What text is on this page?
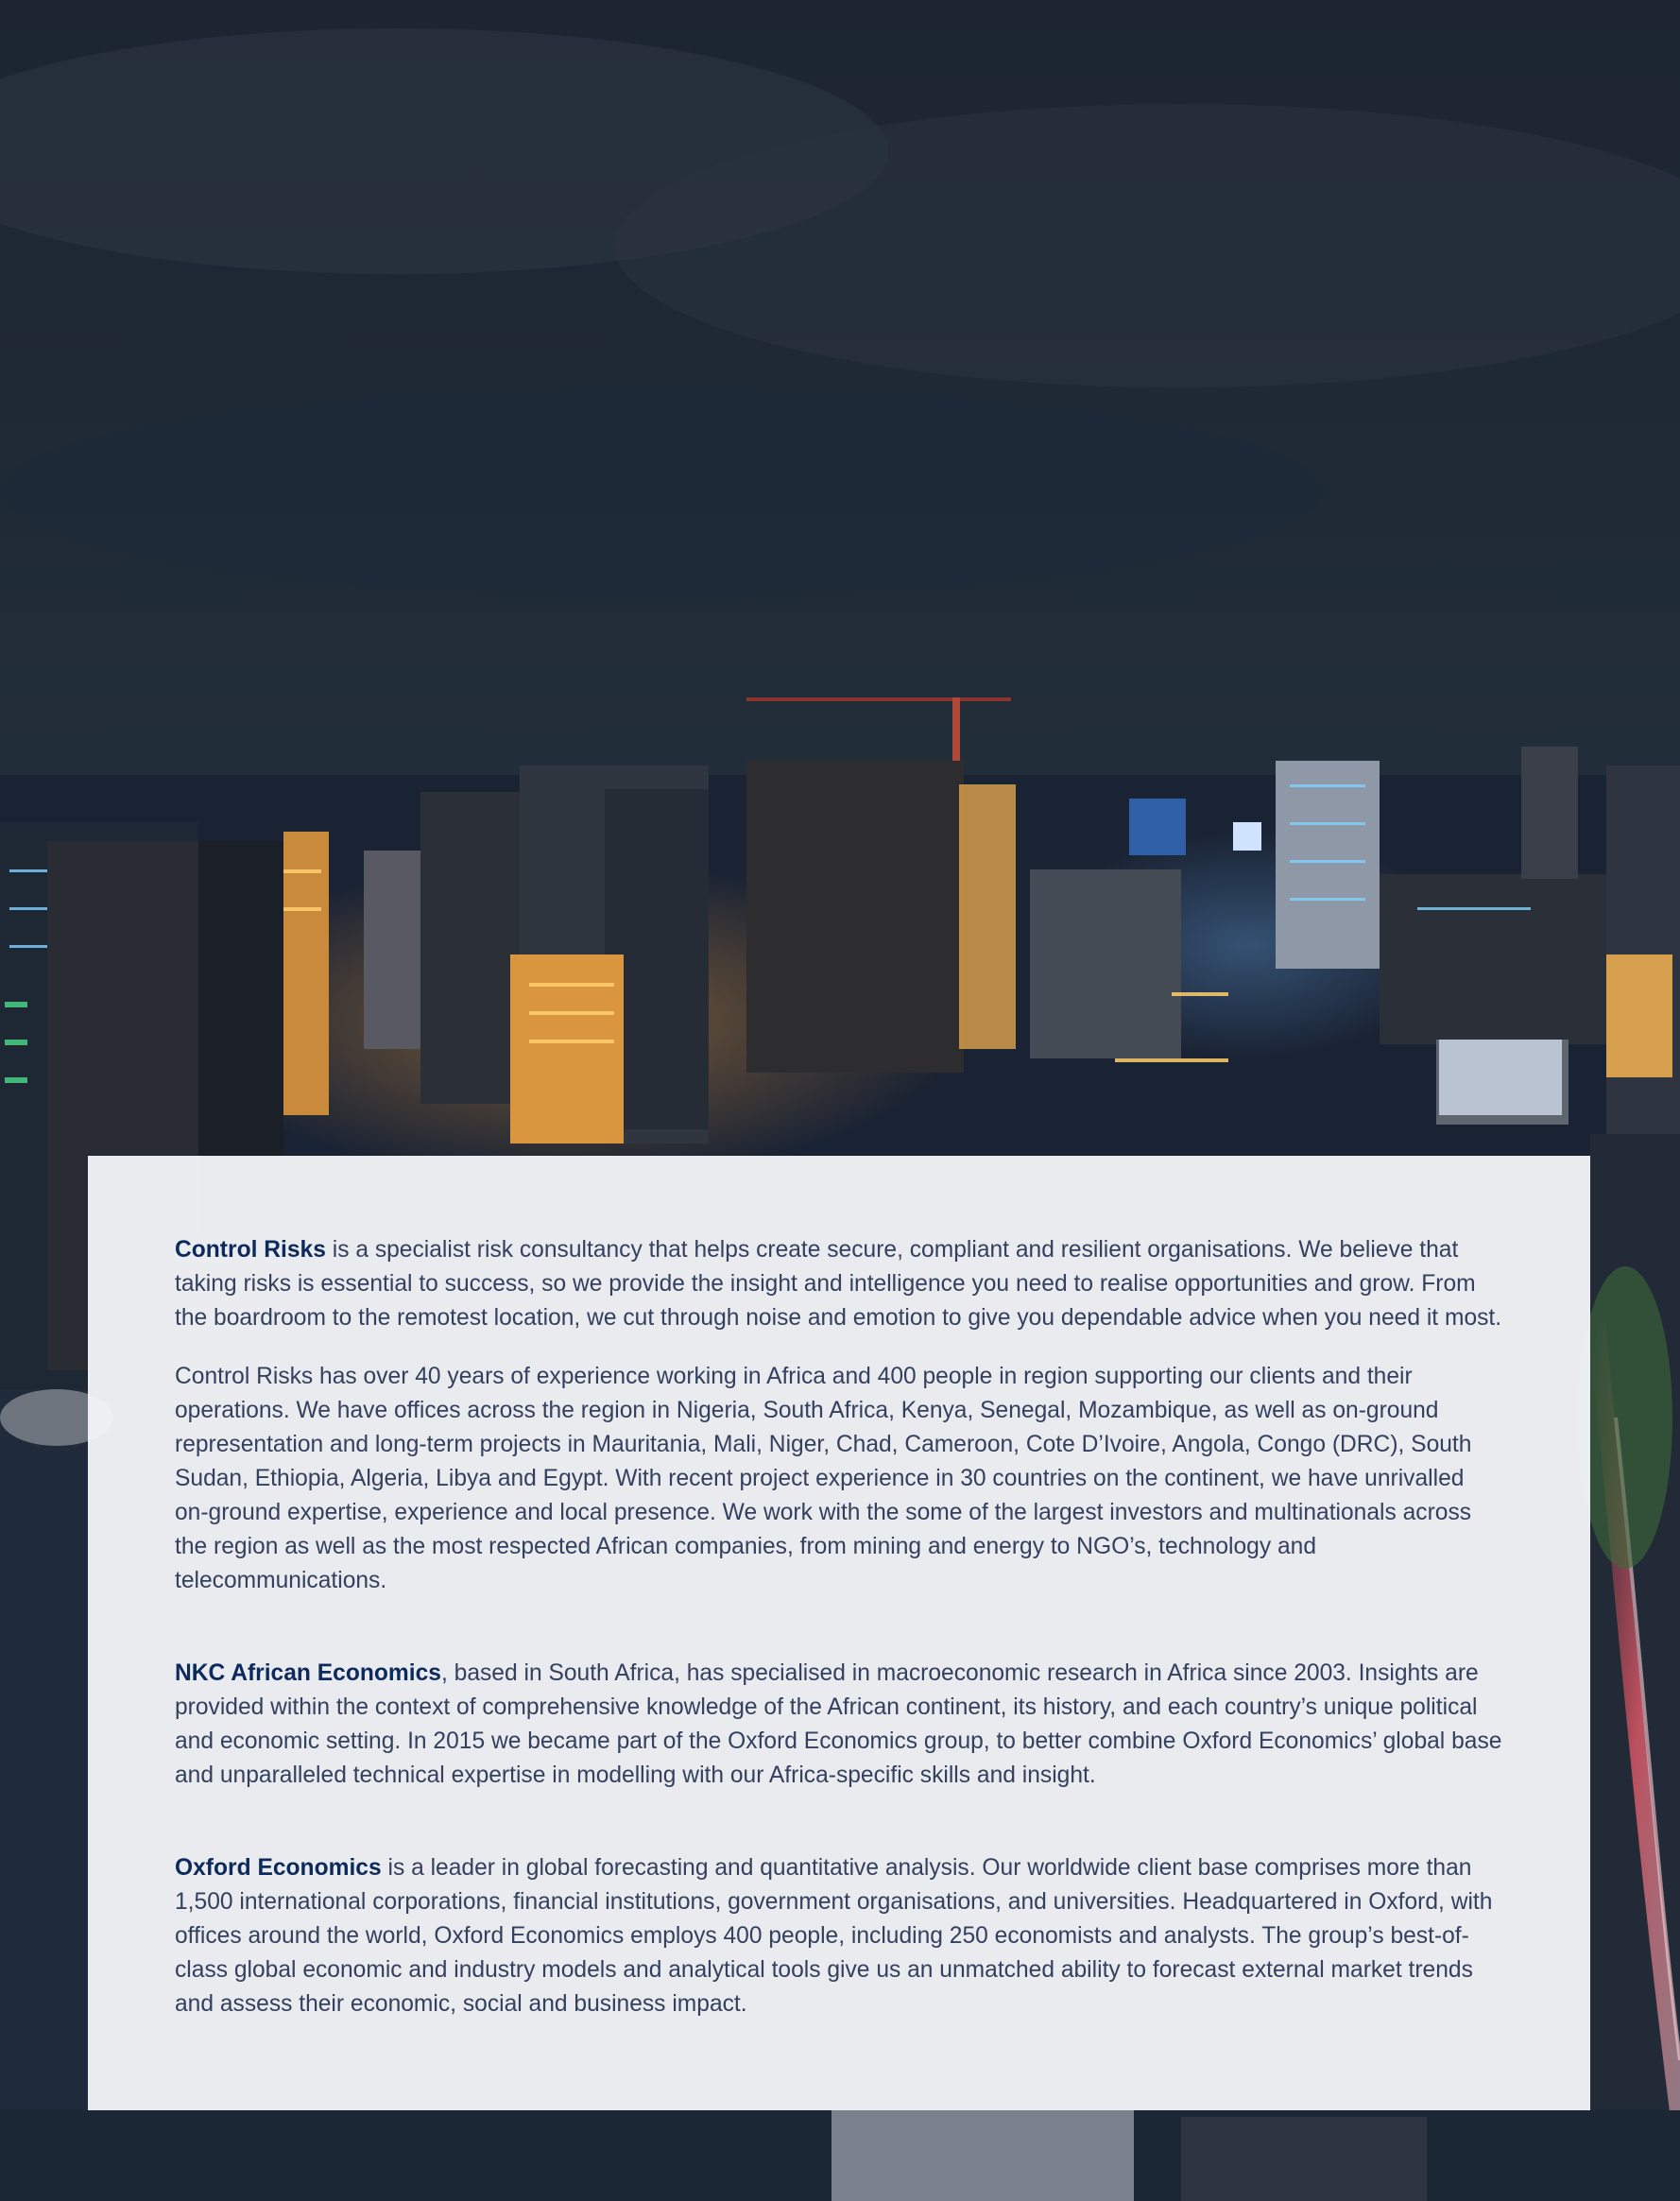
Control Risks is a specialist risk consultancy that helps create secure, compliant and resilient organisations. We believe that taking risks is essential to success, so we provide the insight and intelligence you need to realise opportunities and grow. From the boardroom to the remotest location, we cut through noise and emotion to give you dependable advice when you need it most.

Control Risks has over 40 years of experience working in Africa and 400 people in region supporting our clients and their operations. We have offices across the region in Nigeria, South Africa, Kenya, Senegal, Mozambique, as well as on-ground representation and long-term projects in Mauritania, Mali, Niger, Chad, Cameroon, Cote D’Ivoire, Angola, Congo (DRC), South Sudan, Ethiopia, Algeria, Libya and Egypt. With recent project experience in 30 countries on the continent, we have unrivalled on-ground expertise, experience and local presence. We work with the some of the largest investors and multinationals across the region as well as the most respected African companies, from mining and energy to NGO’s, technology and telecommunications.

NKC African Economics, based in South Africa, has specialised in macroeconomic research in Africa since 2003. Insights are provided within the context of comprehensive knowledge of the African continent, its history, and each country’s unique political and economic setting. In 2015 we became part of the Oxford Economics group, to better combine Oxford Economics’ global base and unparalleled technical expertise in modelling with our Africa-specific skills and insight.

Oxford Economics is a leader in global forecasting and quantitative analysis. Our worldwide client base comprises more than 1,500 international corporations, financial institutions, government organisations, and universities. Headquartered in Oxford, with offices around the world, Oxford Economics employs 400 people, including 250 economists and analysts. The group’s best-of-class global economic and industry models and analytical tools give us an unmatched ability to forecast external market trends and assess their economic, social and business impact.
